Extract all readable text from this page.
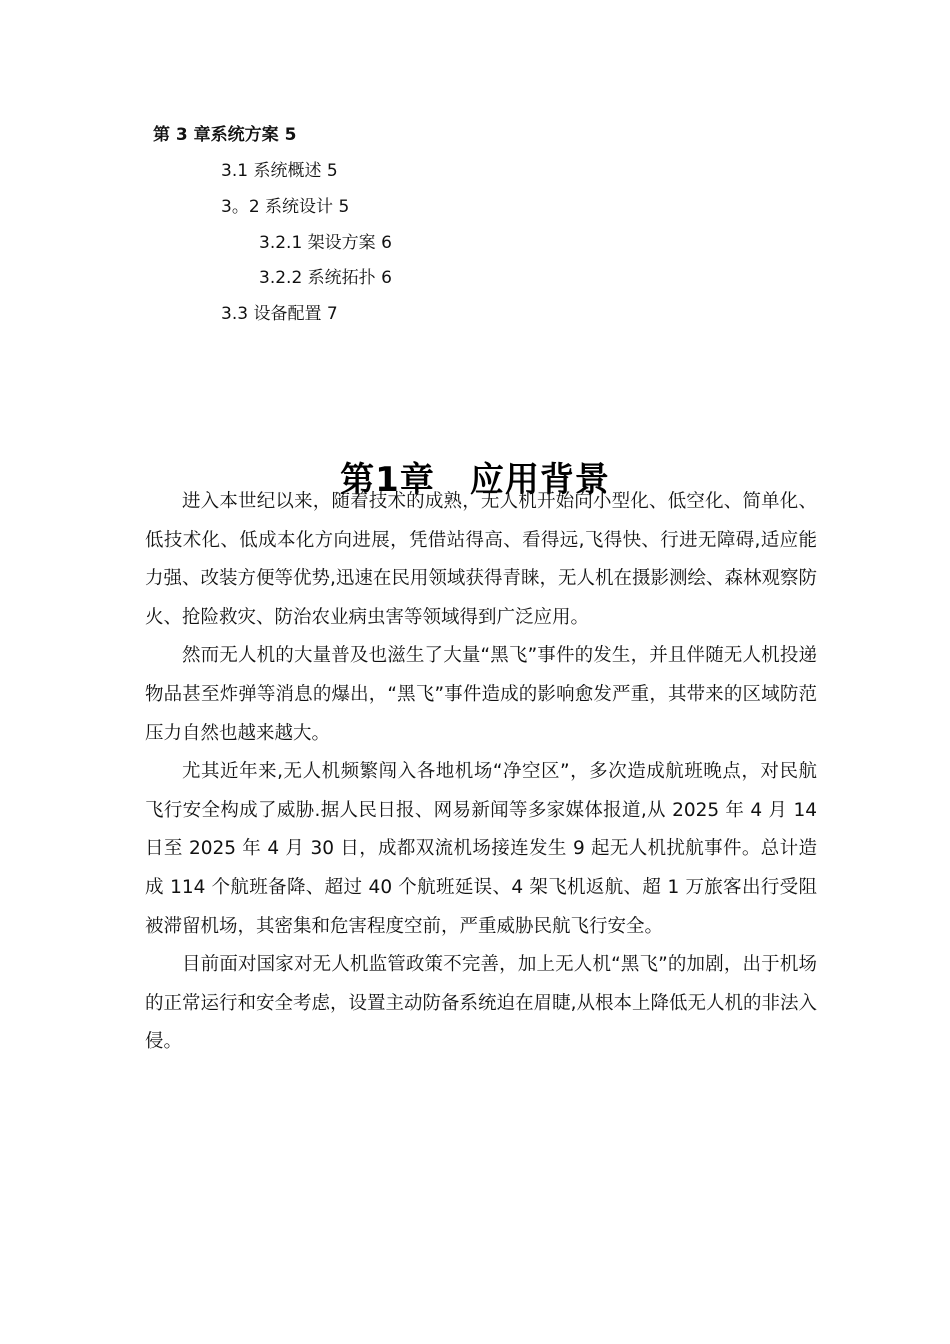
第 3 章系统方案 5
3.1 系统概述 5
3。2 系统设计 5
3.2.1 架设方案 6
3.2.2 系统拓扑 6
3.3 设备配置 7
第1章　应用背景

进入本世纪以来，随着技术的成熟，无人机开始向小型化、低空化、简单化、低技术化、低成本化方向进展，凭借站得高、看得远,飞得快、行进无障碍,适应能力强、改装方便等优势,迅速在民用领域获得青睐，无人机在摄影测绘、森林观察防火、抢险救灾、防治农业病虫害等领域得到广泛应用。

然而无人机的大量普及也滋生了大量“黑飞”事件的发生，并且伴随无人机投递物品甚至炸弹等消息的爆出，“黑飞”事件造成的影响愈发严重，其带来的区域防范压力自然也越来越大。

尤其近年来,无人机频繁闯入各地机场“净空区”，多次造成航班晚点，对民航飞行安全构成了威胁.据人民日报、网易新闻等多家媒体报道,从 2025 年 4 月 14 日至 2025 年 4 月 30 日，成都双流机场接连发生 9 起无人机扰航事件。总计造成 114 个航班备降、超过 40 个航班延误、4 架飞机返航、超 1 万旅客出行受阻被滞留机场，其密集和危害程度空前，严重威胁民航飞行安全。

目前面对国家对无人机监管政策不完善，加上无人机“黑飞”的加剧，出于机场的正常运行和安全考虑，设置主动防备系统迫在眉睫,从根本上降低无人机的非法入侵。
